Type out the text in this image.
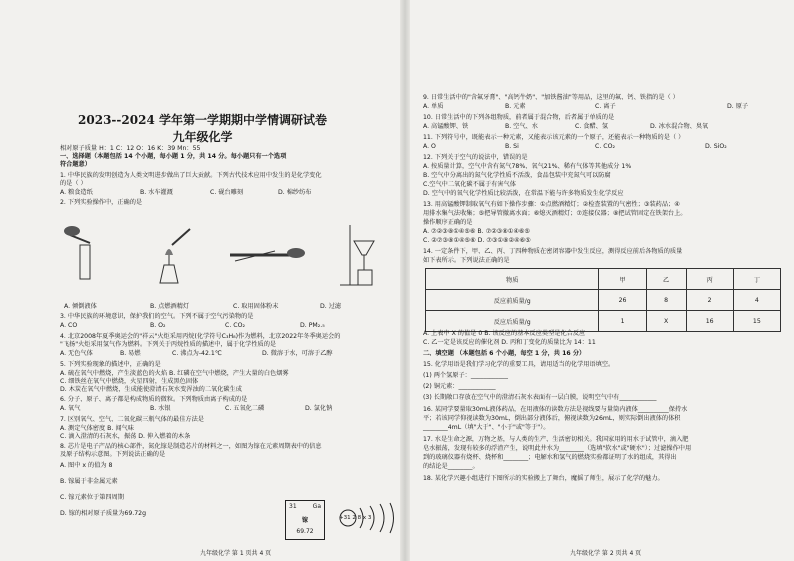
2023--2024 学年第一学期期中学情调研试卷
九年级化学
相对原子质量 H：1 C：12 O：16 K：39 Mn：55
一、选择题（本题包括 14 个小题，每小题 1 分，共 14 分。每小题只有一个选项
符合题意）
1. 中华民族的发明创造为人类文明进步做出了巨大贡献。下列古代技术应用中发生的是化学变化
的是（ ）
A. 粮食造纸	B. 水车灌溉	C. 砚台雕刻	D. 棉纱纺布
2. 下列实验操作中，正确的是
A. 倾倒液体	B. 点燃酒精灯	C. 取用固体粉末	D. 过滤
3. 中华民族的环境意识，保护我们的空气。下列不属于空气污染物的是
A. CO	B. O₂	C. CO₂	D. PM₂.₅
4. 北京2008年夏季奥运会的"祥云"火炬采用丙烷(化学符号C₃H₈)作为燃料，北京2022年冬季奥运会的
"飞扬"火炬采用氢气作为燃料。下列关于丙烷性质的描述中，属于化学性质的是
A. 无色气体	B. 易燃	C. 沸点为-42.1℃	D. 微溶于水，可溶于乙醇
5. 下列实验现象的描述中，正确的是
A. 硫在氧气中燃烧，产生淡蓝色的火焰 B. 红磷在空气中燃烧，产生大量的白色烟雾
C. 细铁丝在氧气中燃烧，火星四射，生成黑色固体
D. 木炭在氧气中燃烧，生成能使澄清石灰水变浑浊的二氧化碳生成
6. 分子、原子、离子都是构成物质的微粒。下列物质由离子构成的是
A. 氧气	B. 水银	C. 五氧化二磷	D. 氯化钠
7. 区别氧气、空气、二氧化碳三瓶气体的最佳方法是
A. 测定气体密度 B. 闻气味
C. 滴入澄清的石灰水，振荡 D. 伸入燃着的木条
8. 芯片是电子产品的核心部件，氮化镓是制造芯片的材料之一，如图为镓在元素周期表中的信息
及原子结构示意图。下列说法正确的是
A. 图中 x 的值为 8
B. 镓属于非金属元素
C. 镓元素位于第四周期
D. 镓的相对原子质量为69.72g
31	Ga
镓
69.72
+31 2 8 x 3
九年级化学 第 1 页共 4 页
9. 日常生活中的"含氟牙膏"、"高钙牛奶"、"加铁酱油"等用品，这里的氟、钙、铁指的是（ ）
A. 单质	B. 元素	C. 离子	D. 原子
10. 日常生活中的下列各组物质，前者属于混合物，后者属于单质的是
A. 高锰酸钾、铁	B. 空气、水	C. 食醋、氢	D. 冰水混合物、臭氧
11. 下列符号中，既能表示一种元素，又能表示该元素的一个原子，还能表示一种物质的是（ ）
A. O	B. Si	C. CO₂	D. SiO₂
12. 下列关于空气的说法中，错误的是
A. 按质量计算，空气中含有氮气78%、氧气21%、稀有气体等其他成分 1%
B. 空气中分离出的氮气化学性质不活泼，食品包装中充氮气可以防腐
C.空气中二氧化碳不属于有害气体
D. 空气中的氧气化学性质比较活泼，在常温下能与许多物质发生化学反应
13. 用高锰酸钾制取氧气有如下操作步骤：①点燃酒精灯；②检查装置的气密性；③装药品；④
用排水集气法收集；⑤把导管撤离水面；⑥熄灭酒精灯；⑦连接仪器；⑧把试管固定在铁架台上。
操作顺序正确的是
A. ⑦②③⑧①④⑤⑥ B. ⑦②③⑧①④⑥⑤
C. ②⑦③⑧①④⑤⑥ D. ⑦③①⑧②④⑥⑤
14. 一定条件下，甲、乙、丙、丁四种物质在密闭容器中发生反应，测得反应前后各物质的质量
如下表所示。下列说法正确的是
物质	甲	乙	丙	丁
反应前质量/g	26	8	2	4
反应后质量/g	1	X	16	15
A. 上表中 X 的值是 0 B. 该反应的基本反应类型是化合反应
C. 乙一定是该反应的催化剂 D. 丙和丁变化的质量比为 14：11
二、填空题 （本题包括 6 个小题，每空 1 分，共 16 分）
15. 化学用语是我们学习化学的重要工具，请用适当的化学用语填空。
(1) 两个氢原子：____________
(2) 铜元素：____________
(3) 长期敞口存放在空气中的澄清石灰水表面有一层白膜，说明空气中有____________
16. 某同学要量取30mL液体药品，在用液体的读数方法是视线要与量筒内液体__________保持水
平；若该同学仰视读数为30mL，倒出部分液体后，俯视读数为26mL，则实际倒出液体的体积
________4mL（填"大于"、"小于"或"等于"）。
17. 水是生命之源，万物之基，与人类的生产、生活密切相关。我国家用的用水于试管中，滴入肥
皂水振荡，发现有较多的浮渣产生，说明此井水为________（选填"软水"或"硬水"）；过滤操作中用
到的玻璃仪器有烧杯、烧杯和________；电解水和氢气的燃烧实验都证明了水的组成，其得出
的结论是________。
18. 某化学兴趣小组进行下图所示的实验搬上了舞台，魔摇了师生，展示了化学的魅力。
九年级化学 第 2 页共 4 页
